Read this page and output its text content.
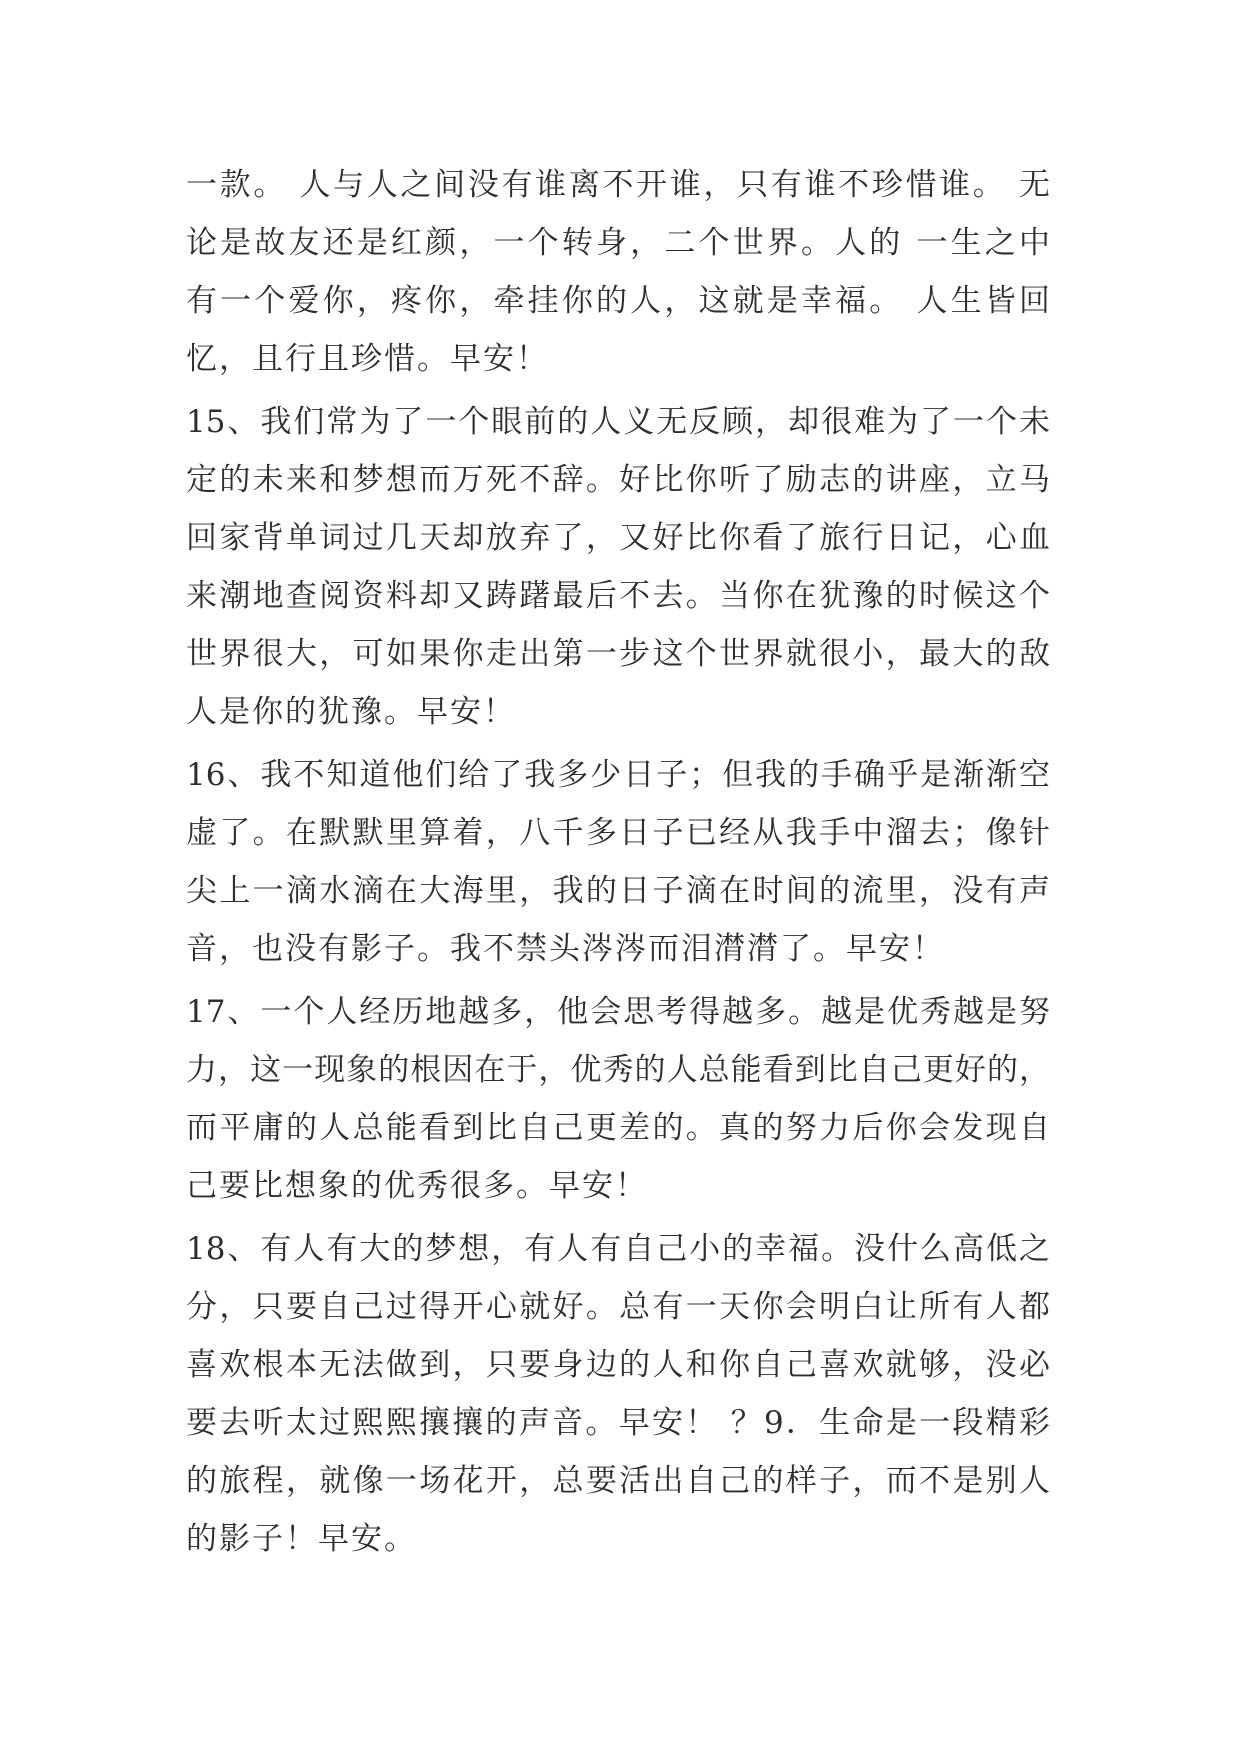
一款。 人与人之间没有谁离不开谁，只有谁不珍惜谁。 无
论是故友还是红颜，一个转身，二个世界。人的 一生之中
有一个爱你，疼你，牵挂你的人，这就是幸福。 人生皆回
忆，且行且珍惜。早安！
15、我们常为了一个眼前的人义无反顾，却很难为了一个未
定的未来和梦想而万死不辞。好比你听了励志的讲座，立马
回家背单词过几天却放弃了，又好比你看了旅行日记，心血
来潮地查阅资料却又踌躇最后不去。当你在犹豫的时候这个
世界很大，可如果你走出第一步这个世界就很小，最大的敌
人是你的犹豫。早安！
16、我不知道他们给了我多少日子；但我的手确乎是渐渐空
虚了。在默默里算着，八千多日子已经从我手中溜去；像针
尖上一滴水滴在大海里，我的日子滴在时间的流里，没有声
音，也没有影子。我不禁头涔涔而泪潸潸了。早安！
17、一个人经历地越多，他会思考得越多。越是优秀越是努
力，这一现象的根因在于，优秀的人总能看到比自己更好的，
而平庸的人总能看到比自己更差的。真的努力后你会发现自
己要比想象的优秀很多。早安！
18、有人有大的梦想，有人有自己小的幸福。没什么高低之
分，只要自己过得开心就好。总有一天你会明白让所有人都
喜欢根本无法做到，只要身边的人和你自己喜欢就够，没必
要去听太过熙熙攘攘的声音。早安！ ？9．生命是一段精彩
的旅程，就像一场花开，总要活出自己的样子，而不是别人
的影子！早安。
